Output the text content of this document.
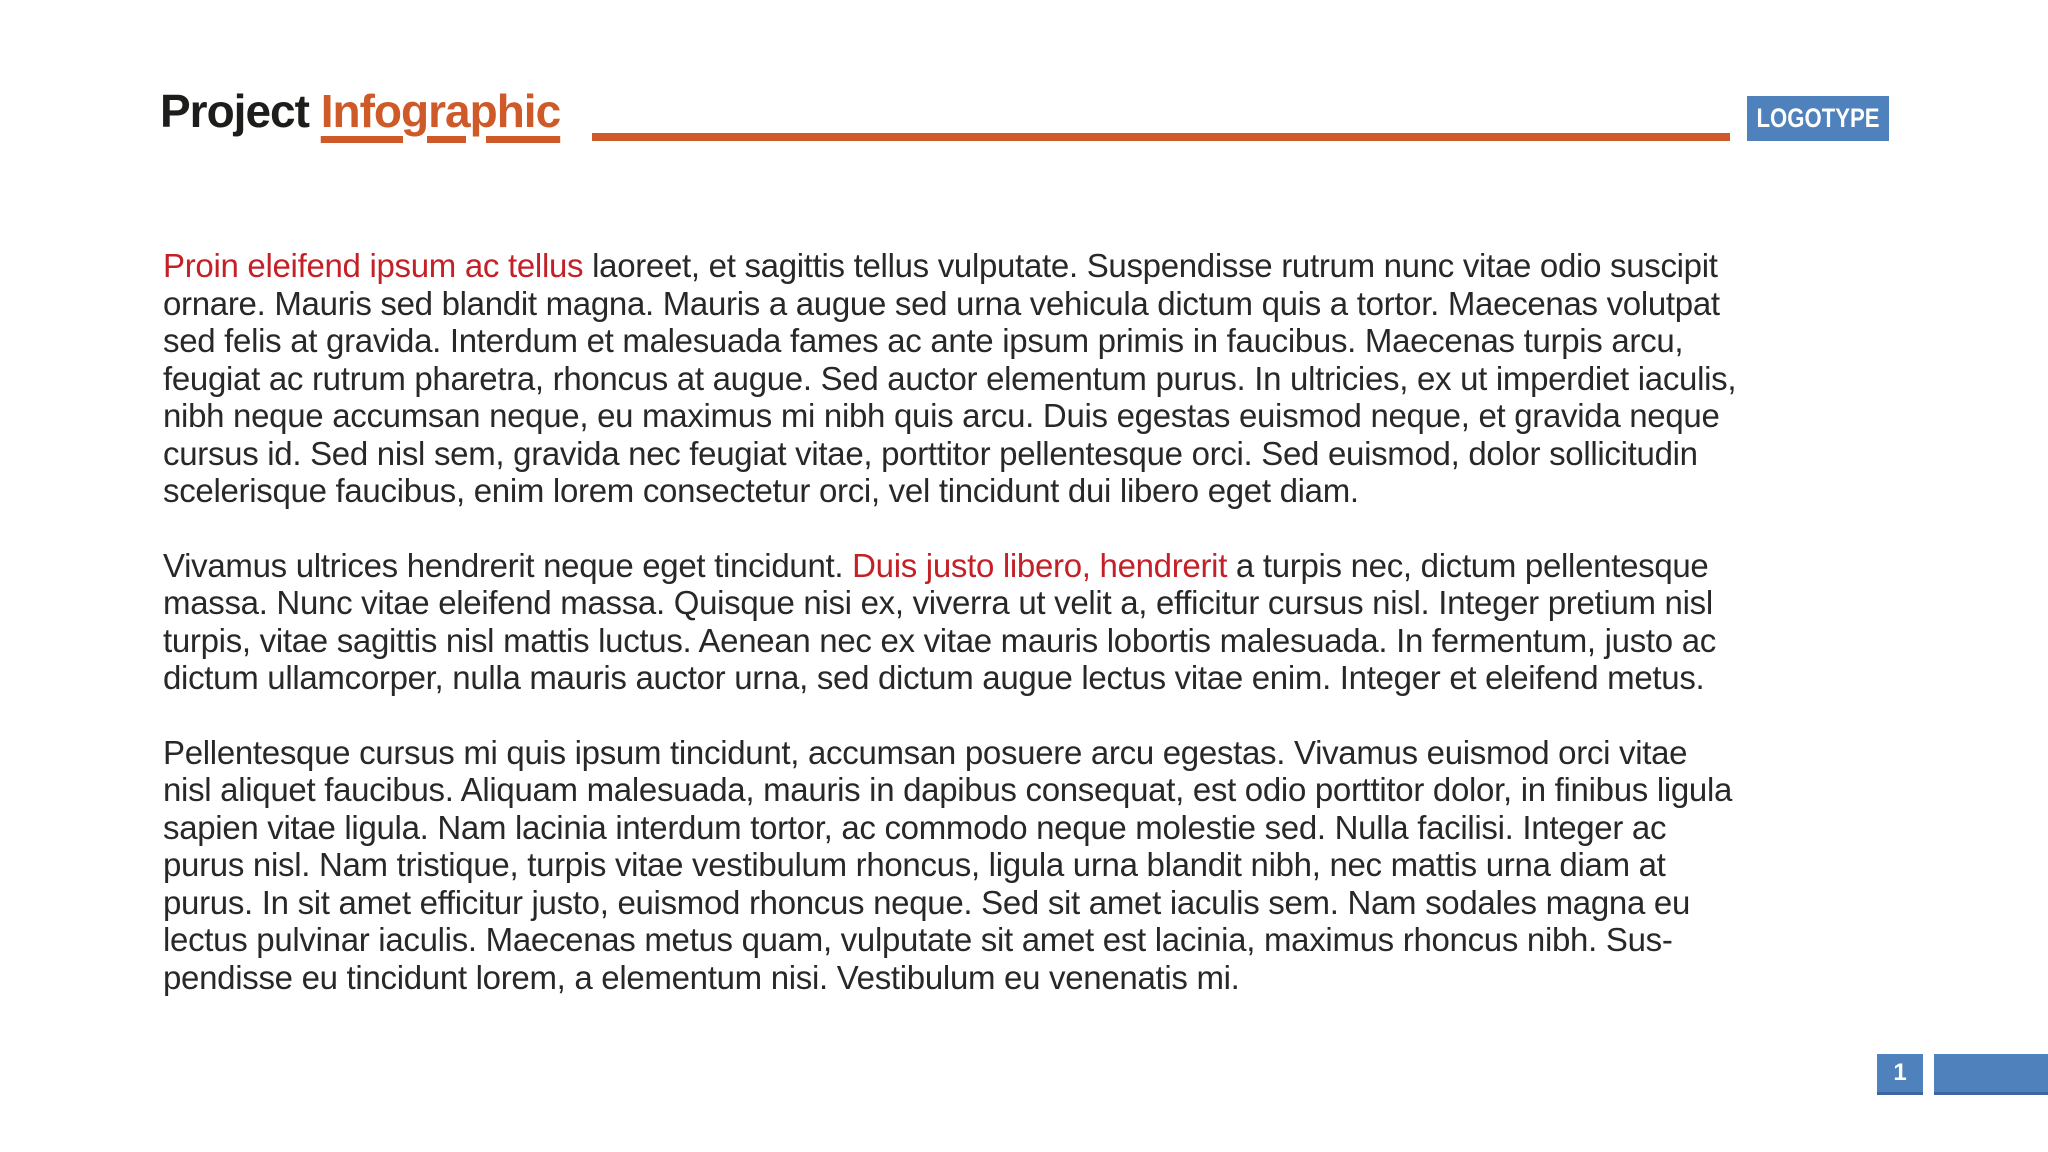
Project Infographic	LOGOTYPE
Proin eleifend ipsum ac tellus laoreet, et sagittis tellus vulputate. Suspendisse rutrum nunc vitae odio suscipit
ornare. Mauris sed blandit magna. Mauris a augue sed urna vehicula dictum quis a tortor. Maecenas volutpat
sed felis at gravida. Interdum et malesuada fames ac ante ipsum primis in faucibus. Maecenas turpis arcu,
feugiat ac rutrum pharetra, rhoncus at augue. Sed auctor elementum purus. In ultricies, ex ut imperdiet iaculis,
nibh neque accumsan neque, eu maximus mi nibh quis arcu. Duis egestas euismod neque, et gravida neque
cursus id. Sed nisl sem, gravida nec feugiat vitae, porttitor pellentesque orci. Sed euismod, dolor sollicitudin
scelerisque faucibus, enim lorem consectetur orci, vel tincidunt dui libero eget diam.
Vivamus ultrices hendrerit neque eget tincidunt. Duis justo libero, hendrerit a turpis nec, dictum pellentesque
massa. Nunc vitae eleifend massa. Quisque nisi ex, viverra ut velit a, efficitur cursus nisl. Integer pretium nisl
turpis, vitae sagittis nisl mattis luctus. Aenean nec ex vitae mauris lobortis malesuada. In fermentum, justo ac
dictum ullamcorper, nulla mauris auctor urna, sed dictum augue lectus vitae enim. Integer et eleifend metus.
Pellentesque cursus mi quis ipsum tincidunt, accumsan posuere arcu egestas. Vivamus euismod orci vitae
nisl aliquet faucibus. Aliquam malesuada, mauris in dapibus consequat, est odio porttitor dolor, in finibus ligula
sapien vitae ligula. Nam lacinia interdum tortor, ac commodo neque molestie sed. Nulla facilisi. Integer ac
purus nisl. Nam tristique, turpis vitae vestibulum rhoncus, ligula urna blandit nibh, nec mattis urna diam at
purus. In sit amet efficitur justo, euismod rhoncus neque. Sed sit amet iaculis sem. Nam sodales magna eu
lectus pulvinar iaculis. Maecenas metus quam, vulputate sit amet est lacinia, maximus rhoncus nibh. Sus-
pendisse eu tincidunt lorem, a elementum nisi. Vestibulum eu venenatis mi.
1
